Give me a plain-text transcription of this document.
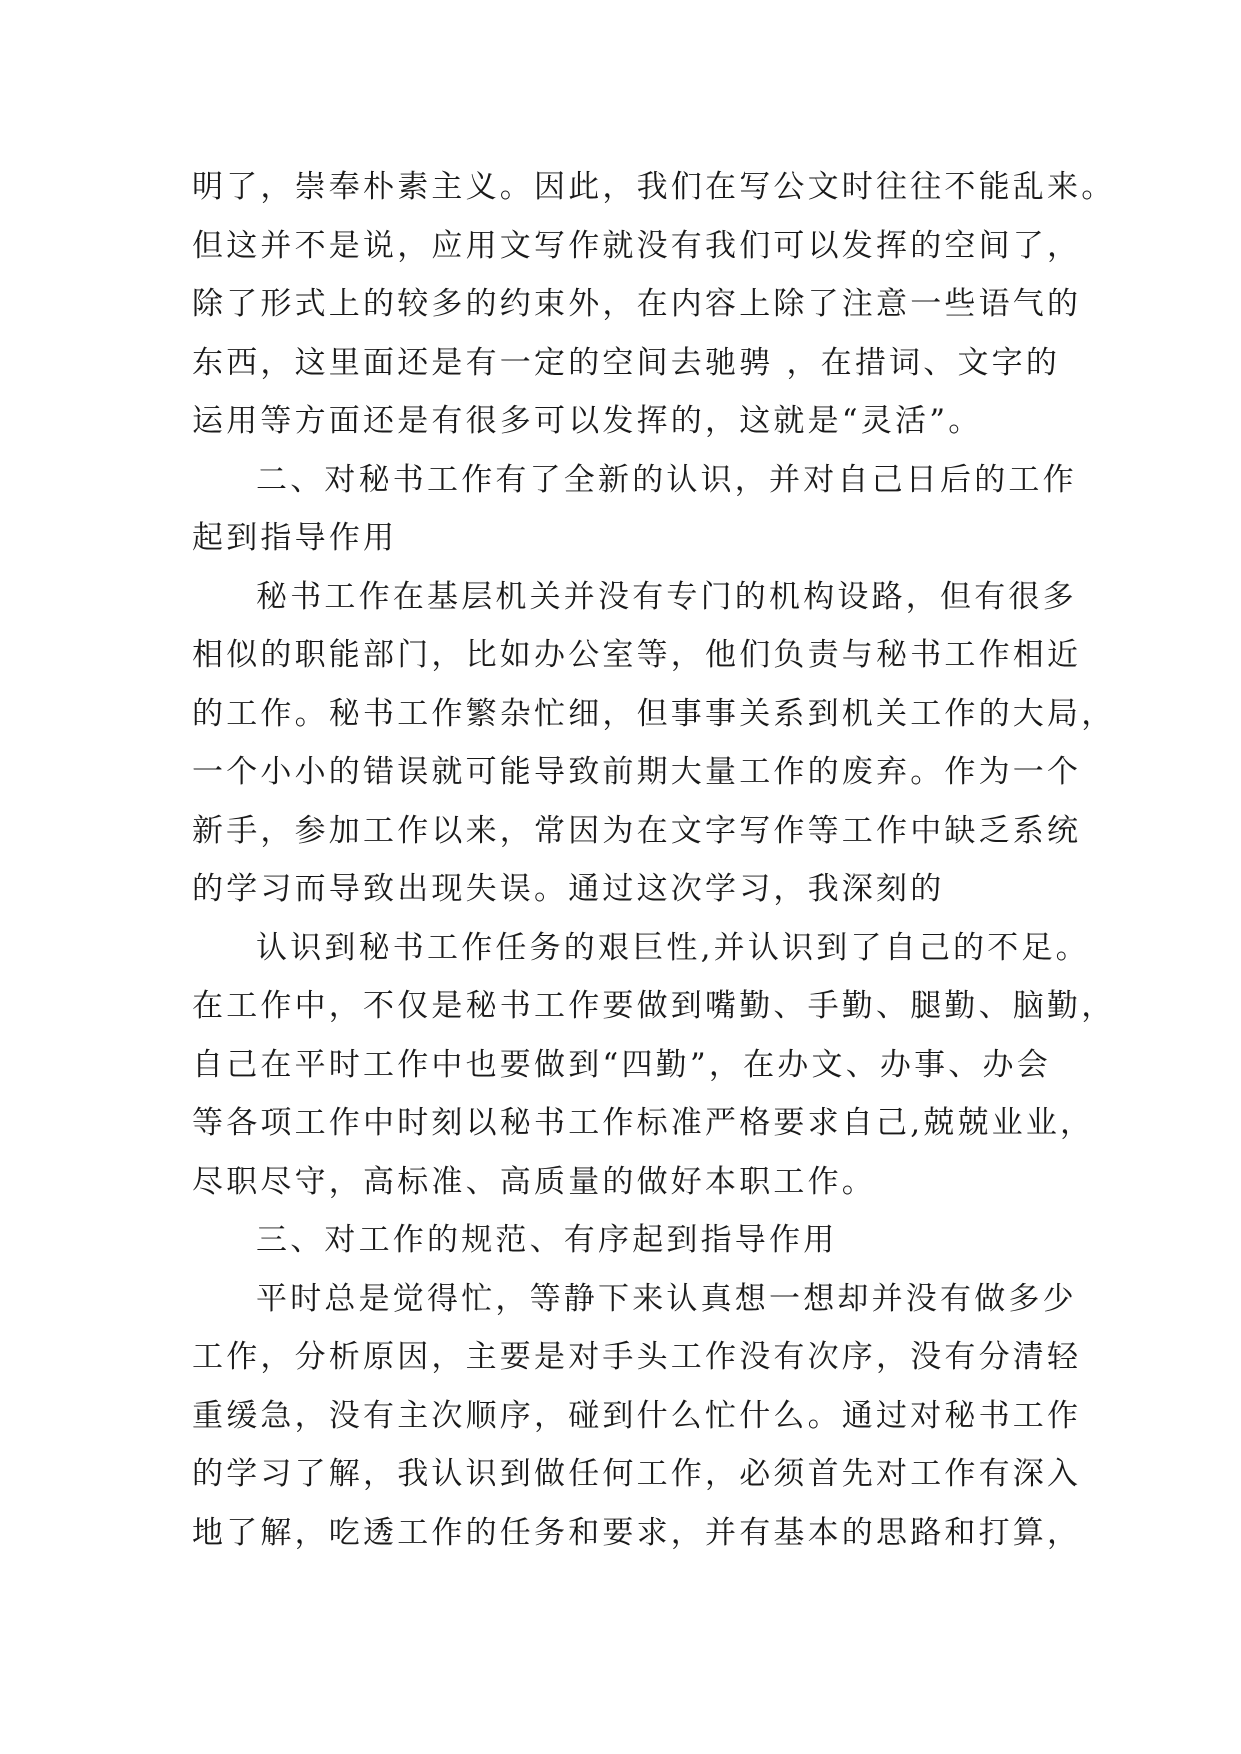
明了，崇奉朴素主义。因此，我们在写公文时往往不能乱来。
但这并不是说，应用文写作就没有我们可以发挥的空间了，
除了形式上的较多的约束外，在内容上除了注意一些语气的
东西，这里面还是有一定的空间去驰骋 ，在措词、文字的
运用等方面还是有很多可以发挥的，这就是“灵活”。
二、对秘书工作有了全新的认识，并对自己日后的工作
起到指导作用
秘书工作在基层机关并没有专门的机构设路，但有很多
相似的职能部门，比如办公室等，他们负责与秘书工作相近
的工作。秘书工作繁杂忙细，但事事关系到机关工作的大局，
一个小小的错误就可能导致前期大量工作的废弃。作为一个
新手，参加工作以来，常因为在文字写作等工作中缺乏系统
的学习而导致出现失误。通过这次学习，我深刻的
认识到秘书工作任务的艰巨性,并认识到了自己的不足。
在工作中，不仅是秘书工作要做到嘴勤、手勤、腿勤、脑勤，
自己在平时工作中也要做到“四勤”，在办文、办事、办会
等各项工作中时刻以秘书工作标准严格要求自己,兢兢业业，
尽职尽守，高标准、高质量的做好本职工作。
三、对工作的规范、有序起到指导作用
平时总是觉得忙，等静下来认真想一想却并没有做多少
工作，分析原因，主要是对手头工作没有次序，没有分清轻
重缓急，没有主次顺序，碰到什么忙什么。通过对秘书工作
的学习了解，我认识到做任何工作，必须首先对工作有深入
地了解，吃透工作的任务和要求，并有基本的思路和打算，
